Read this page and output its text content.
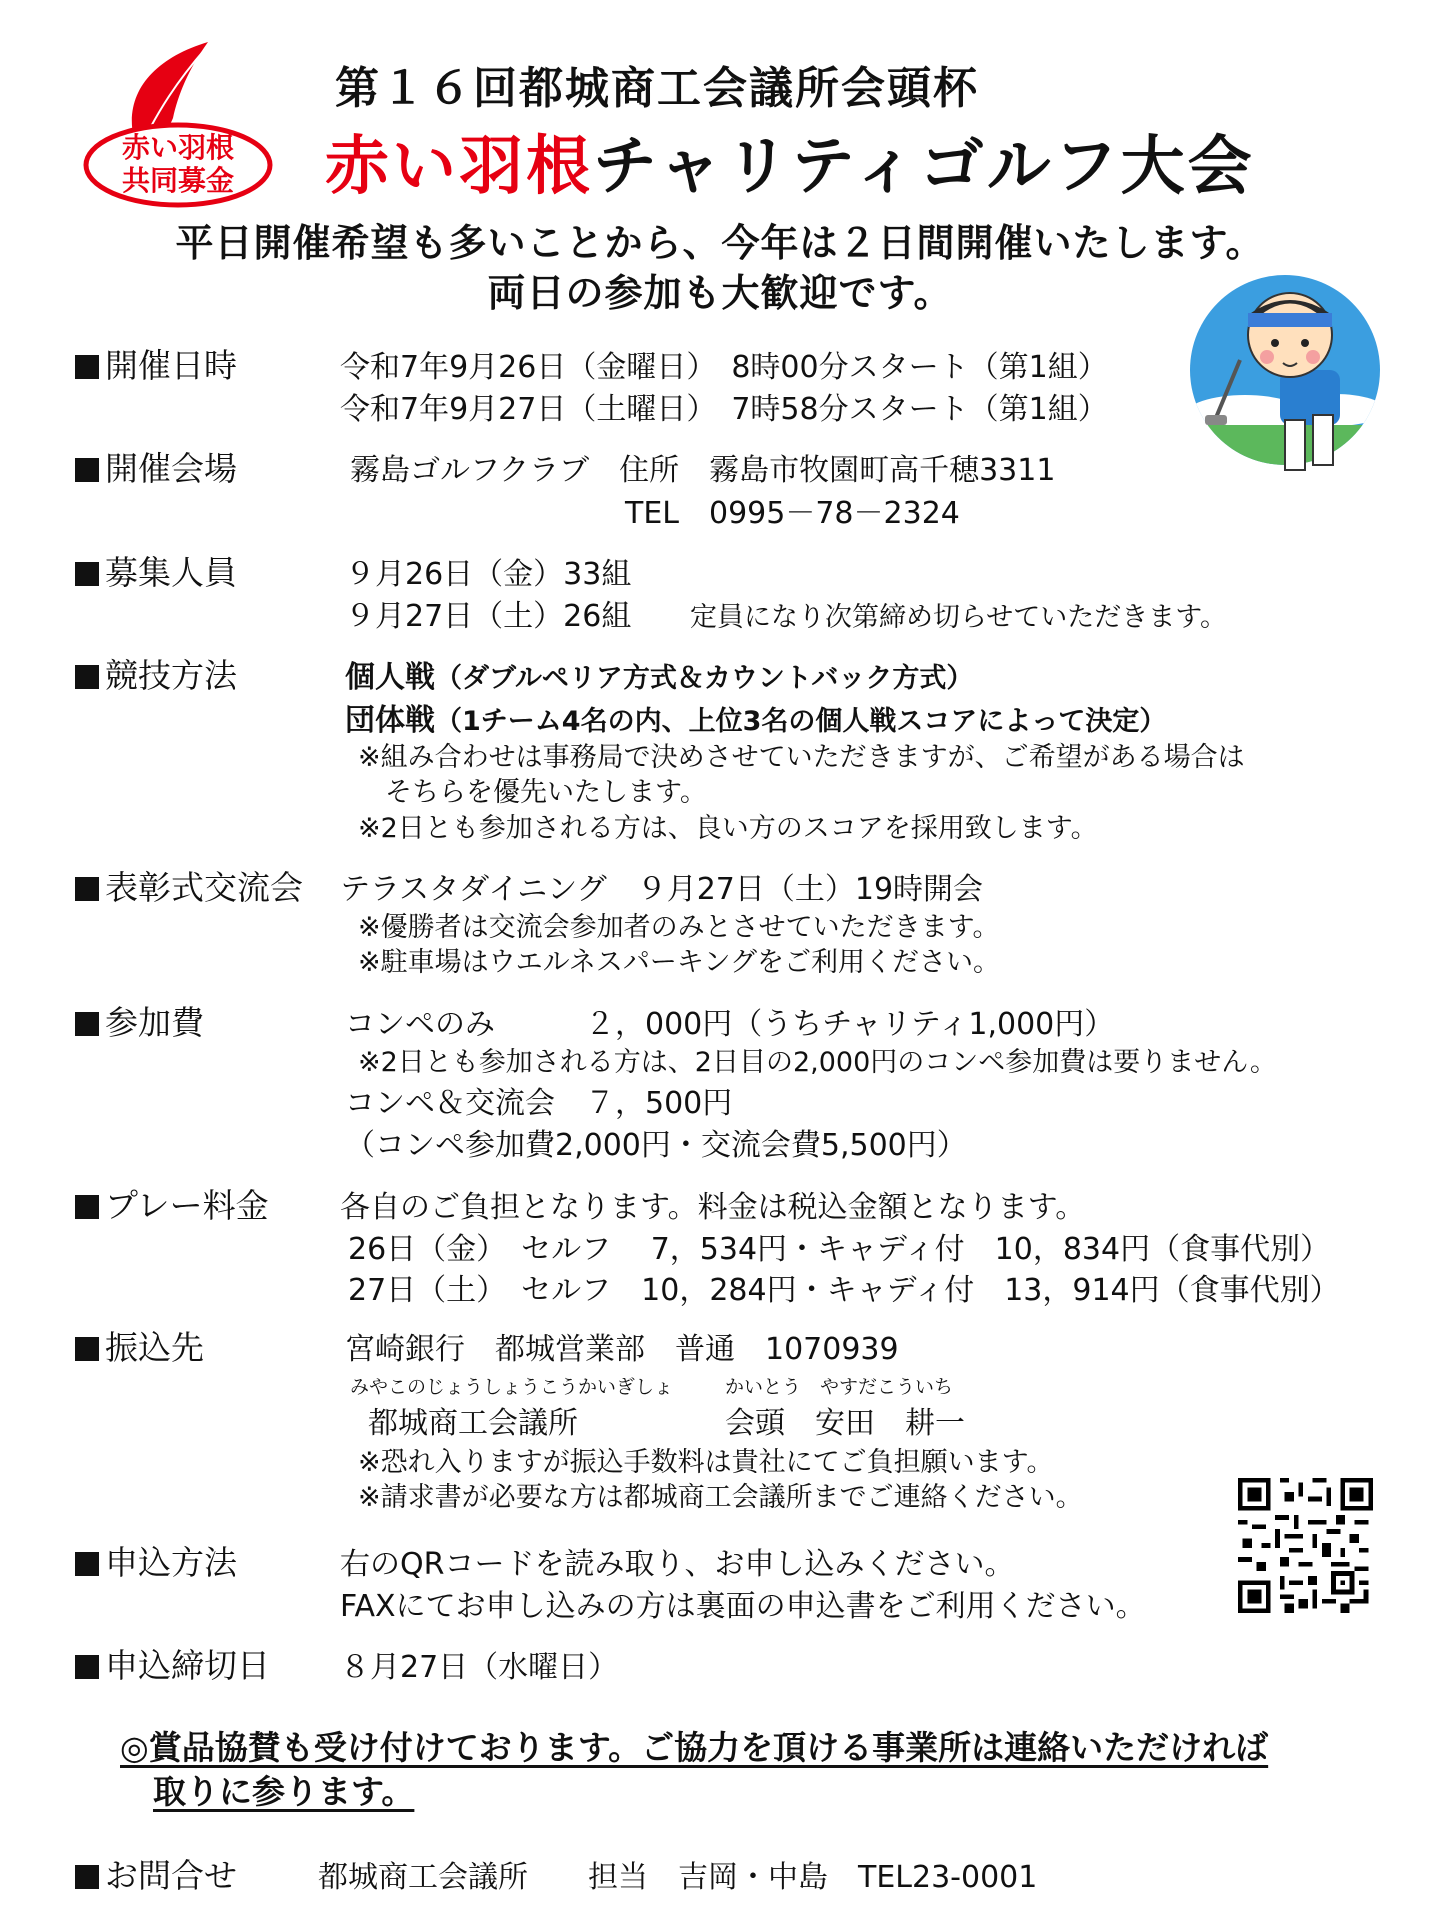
赤い羽根
共同募金
第１６回都城商工会議所会頭杯
赤い羽根チャリティゴルフ大会
平日開催希望も多いことから、今年は２日間開催いたします。
両日の参加も大歓迎です。
開催日時	令和7年9月26日（金曜日）　8時00分スタート（第1組）
令和7年9月27日（土曜日）　7時58分スタート（第1組）
開催会場	霧島ゴルフクラブ　住所　霧島市牧園町高千穂3311
TEL　0995－78－2324
募集人員	９月26日（金）33組
９月27日（土）26組 定員になり次第締め切らせていただきます。
競技方法	個人戦（ダブルペリア方式＆カウントバック方式）
団体戦（1チーム4名の内、上位3名の個人戦スコアによって決定）
※組み合わせは事務局で決めさせていただきますが、ご希望がある場合は
そちらを優先いたします。
※2日とも参加される方は、良い方のスコアを採用致します。
表彰式交流会 テラスタダイニング　９月27日（土）19時開会
※優勝者は交流会参加者のみとさせていただきます。
※駐車場はウエルネスパーキングをご利用ください。
参加費	コンペのみ　　　２，000円（うちチャリティ1,000円）
※2日とも参加される方は、2日目の2,000円のコンペ参加費は要りません。
コンペ＆交流会　７，500円
（コンペ参加費2,000円・交流会費5,500円）
プレー料金 各自のご負担となります。料金は税込金額となります。
26日（金）　セルフ　 7，534円・キャディ付　10，834円（食事代別）
27日（土）　セルフ　10，284円・キャディ付　13，914円（食事代別）
振込先	宮崎銀行　都城営業部　普通　1070939
みやこのじょうしょうこうかいぎしょ	かいとう　やすだこういち
都城商工会議所	会頭　安田　耕一
※恐れ入りますが振込手数料は貴社にてご負担願います。
※請求書が必要な方は都城商工会議所までご連絡ください。
申込方法	右のQRコードを読み取り、お申し込みください。
FAXにてお申し込みの方は裏面の申込書をご利用ください。
申込締切日 ８月27日（水曜日）
◎賞品協賛も受け付けております。ご協力を頂ける事業所は連絡いただければ
取りに参ります。
お問合せ	都城商工会議所　　担当　吉岡・中島　TEL23-0001
